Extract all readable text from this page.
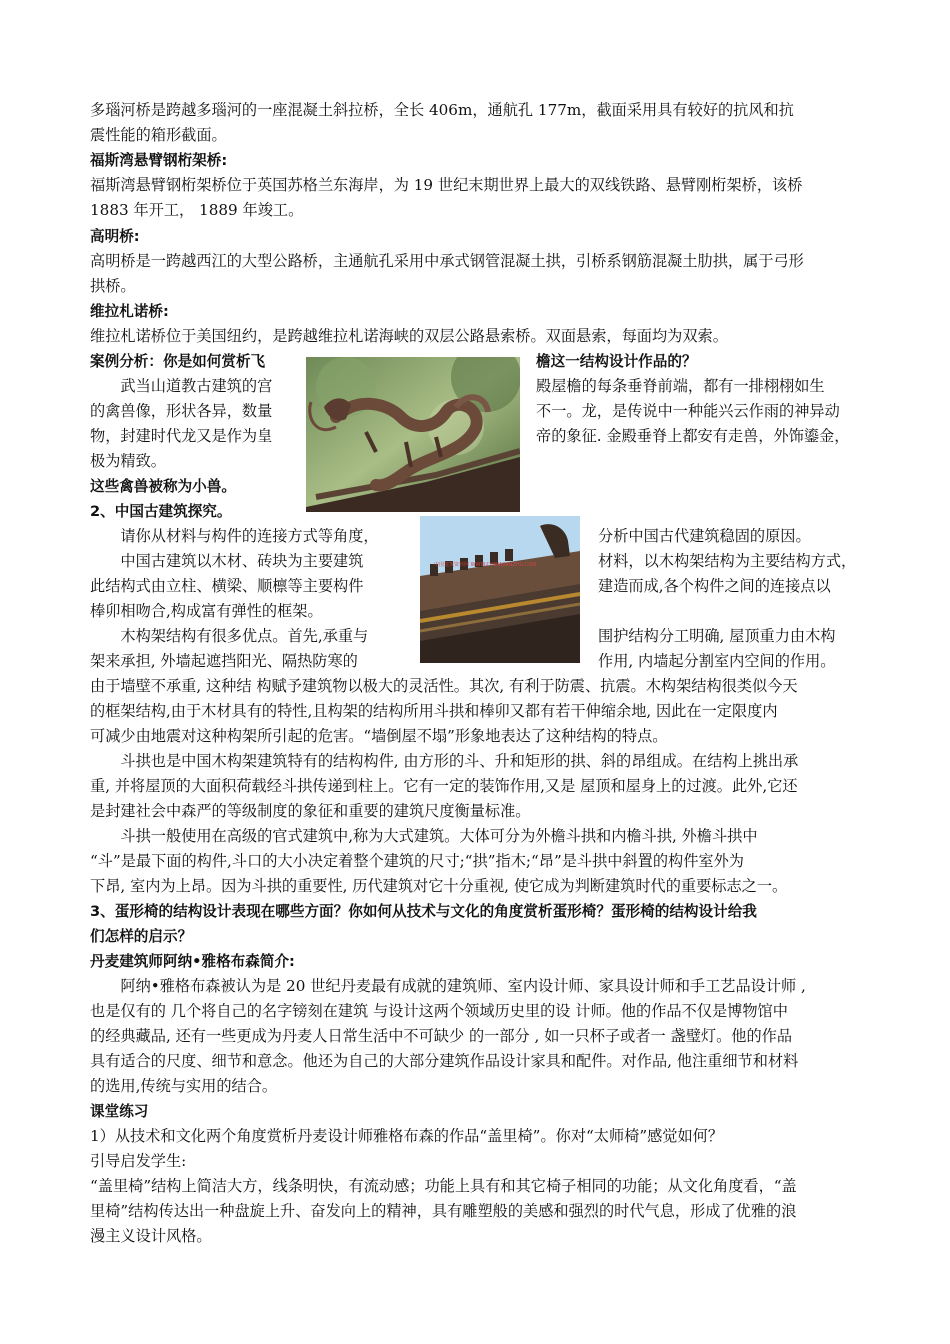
多瑙河桥是跨越多瑙河的一座混凝土斜拉桥，全长 406m，通航孔 177m，截面采用具有较好的抗风和抗
震性能的箱形截面。
福斯湾悬臂钢桁架桥:
福斯湾悬臂钢桁架桥位于英国苏格兰东海岸，为 19 世纪末期世界上最大的双线铁路、悬臂刚桁架桥，该桥
1883 年开工， 1889 年竣工。
高明桥:
高明桥是一跨越西江的大型公路桥，主通航孔采用中承式钢管混凝土拱，引桥系钢筋混凝土肋拱，属于弓形
拱桥。
维拉札诺桥:
维拉札诺桥位于美国纽约，是跨越维拉札诺海峡的双层公路悬索桥。双面悬索，每面均为双索。
案例分析：你是如何赏析飞	檐这一结构设计作品的？
　　武当山道教古建筑的宫	殿屋檐的每条垂脊前端，都有一排栩栩如生
的禽兽像，形状各异，数量	不一。龙，是传说中一种能兴云作雨的神异动
物，封建时代龙又是作为皇	帝的象征. 金殿垂脊上都安有走兽，外饰鎏金，
极为精致。
这些禽兽被称为小兽。
2、中国古建筑探究。
　　请你从材料与构件的连接方式等角度，	分析中国古代建筑稳固的原因。
　　中国古建筑以木材、砖块为主要建筑	材料，以木构架结构为主要结构方式，
此结构式由立柱、横梁、顺檩等主要构件	建造而成,各个构件之间的连接点以
棒卯相吻合,构成富有弹性的框架。
　　木构架结构有很多优点。首先,承重与	围护结构分工明确, 屋顶重力由木构
架来承担, 外墙起遮挡阳光、隔热防寒的	作用, 内墙起分割室内空间的作用。
由于墙壁不承重, 这种结 构赋予建筑物以极大的灵活性。其次, 有利于防震、抗震。木构架结构很类似今天
的框架结构,由于木材具有的特性,且构架的结构所用斗拱和棒卯又都有若干伸缩余地, 因此在一定限度内
可减少由地震对这种构架所引起的危害。“墙倒屋不塌”形象地表达了这种结构的特点。
　　斗拱也是中国木构架建筑特有的结构构件, 由方形的斗、升和矩形的拱、斜的昂组成。在结构上挑出承
重, 并将屋顶的大面积荷载经斗拱传递到柱上。它有一定的装饰作用,又是 屋顶和屋身上的过渡。此外,它还
是封建社会中森严的等级制度的象征和重要的建筑尺度衡量标准。
　　斗拱一般使用在高级的官式建筑中,称为大式建筑。大体可分为外檐斗拱和内檐斗拱, 外檐斗拱中
“斗”是最下面的构件,斗口的大小决定着整个建筑的尺寸;“拱”指木;“昂”是斗拱中斜置的构件室外为
下昂, 室内为上昂。因为斗拱的重要性, 历代建筑对它十分重视, 使它成为判断建筑时代的重要标志之一。
3、蛋形椅的结构设计表现在哪些方面？你如何从技术与文化的角度赏析蛋形椅？蛋形椅的结构设计给我
们怎样的启示？
丹麦建筑师阿纳•雅格布森简介:
　　阿纳•雅格布森被认为是 20 世纪丹麦最有成就的建筑师、室内设计师、家具设计师和手工艺品设计师 ,
也是仅有的 几个将自己的名字镑刻在建筑 与设计这两个领域历史里的设 计师。他的作品不仅是博物馆中
的经典藏品, 还有一些更成为丹麦人日常生活中不可缺少 的一部分 , 如一只杯子或者一 盏璧灯。他的作品
具有适合的尺度、细节和意念。他还为自己的大部分建筑作品设计家具和配件。对作品, 他注重细节和材料
的选用,传统与实用的结合。
课堂练习
1）从技术和文化两个角度赏析丹麦设计师雅格布森的作品“盖里椅”。你对“太师椅”感觉如何？
引导启发学生:
“盖里椅”结构上简洁大方，线条明快，有流动感；功能上具有和其它椅子相同的功能；从文化角度看，“盖
里椅”结构传达出一种盘旋上升、奋发向上的精神，具有雕塑般的美感和强烈的时代气息，形成了优雅的浪
漫主义设计风格。
中国建筑资料网 WWW.CHINAJIANZHU.COM
